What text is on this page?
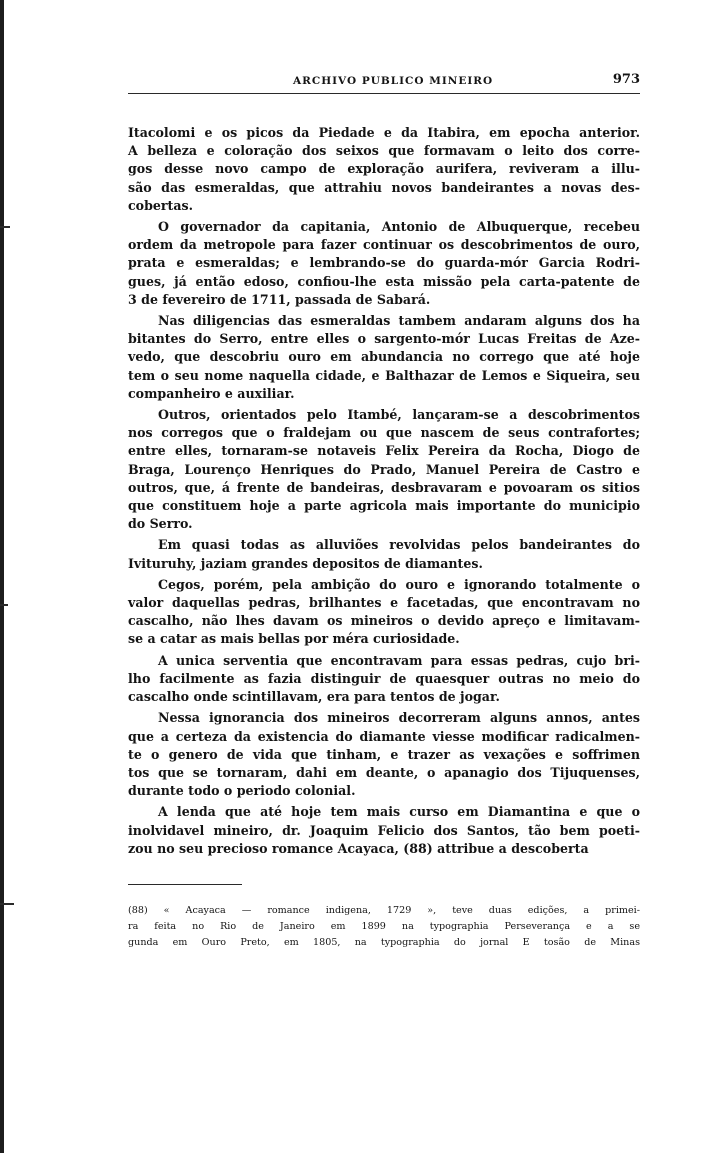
ARCHIVO PUBLICO MINEIRO	973
Itacolomi e os picos da Piedade e da Itabira, em epocha anterior.
A belleza e coloração dos seixos que formavam o leito dos corre-
gos desse novo campo de exploração aurifera, reviveram a illu-
são das esmeraldas, que attrahiu novos bandeirantes a novas des-
cobertas.
O governador da capitania, Antonio de Albuquerque, recebeu
ordem da metropole para fazer continuar os descobrimentos de ouro,
prata e esmeraldas; e lembrando-se do guarda-mór Garcia Rodri-
gues, já então edoso, confiou-lhe esta missão pela carta-patente de
3 de fevereiro de 1711, passada de Sabará.
Nas diligencias das esmeraldas tambem andaram alguns dos ha
bitantes do Serro, entre elles o sargento-mór Lucas Freitas de Aze-
vedo, que descobriu ouro em abundancia no corrego que até hoje
tem o seu nome naquella cidade, e Balthazar de Lemos e Siqueira, seu
companheiro e auxiliar.
Outros, orientados pelo Itambé, lançaram-se a descobrimentos
nos corregos que o fraldejam ou que nascem de seus contrafortes;
entre elles, tornaram-se notaveis Felix Pereira da Rocha, Diogo de
Braga, Lourenço Henriques do Prado, Manuel Pereira de Castro e
outros, que, á frente de bandeiras, desbravaram e povoaram os sitios
que constituem hoje a parte agricola mais importante do municipio
do Serro.
Em quasi todas as alluviões revolvidas pelos bandeirantes do
Ivituruhy, jaziam grandes depositos de diamantes.
Cegos, porém, pela ambição do ouro e ignorando totalmente o
valor daquellas pedras, brilhantes e facetadas, que encontravam no
cascalho, não lhes davam os mineiros o devido apreço e limitavam-
se a catar as mais bellas por méra curiosidade.
A unica serventia que encontravam para essas pedras, cujo bri-
lho facilmente as fazia distinguir de quaesquer outras no meio do
cascalho onde scintillavam, era para tentos de jogar.
Nessa ignorancia dos mineiros decorreram alguns annos, antes
que a certeza da existencia do diamante viesse modificar radicalmen-
te o genero de vida que tinham, e trazer as vexações e soffrimen
tos que se tornaram, dahi em deante, o apanagio dos Tijuquenses,
durante todo o periodo colonial.
A lenda que até hoje tem mais curso em Diamantina e que o
inolvidavel mineiro, dr. Joaquim Felicio dos Santos, tão bem poeti-
zou no seu precioso romance Acayaca, (88) attribue a descoberta
(88) « Acayaca — romance indigena, 1729 », teve duas edições, a primei-
ra feita no Rio de Janeiro em 1899 na typographia Perseverança e a se
gunda em Ouro Preto, em 1805, na typographia do jornal E tosão de Minas
